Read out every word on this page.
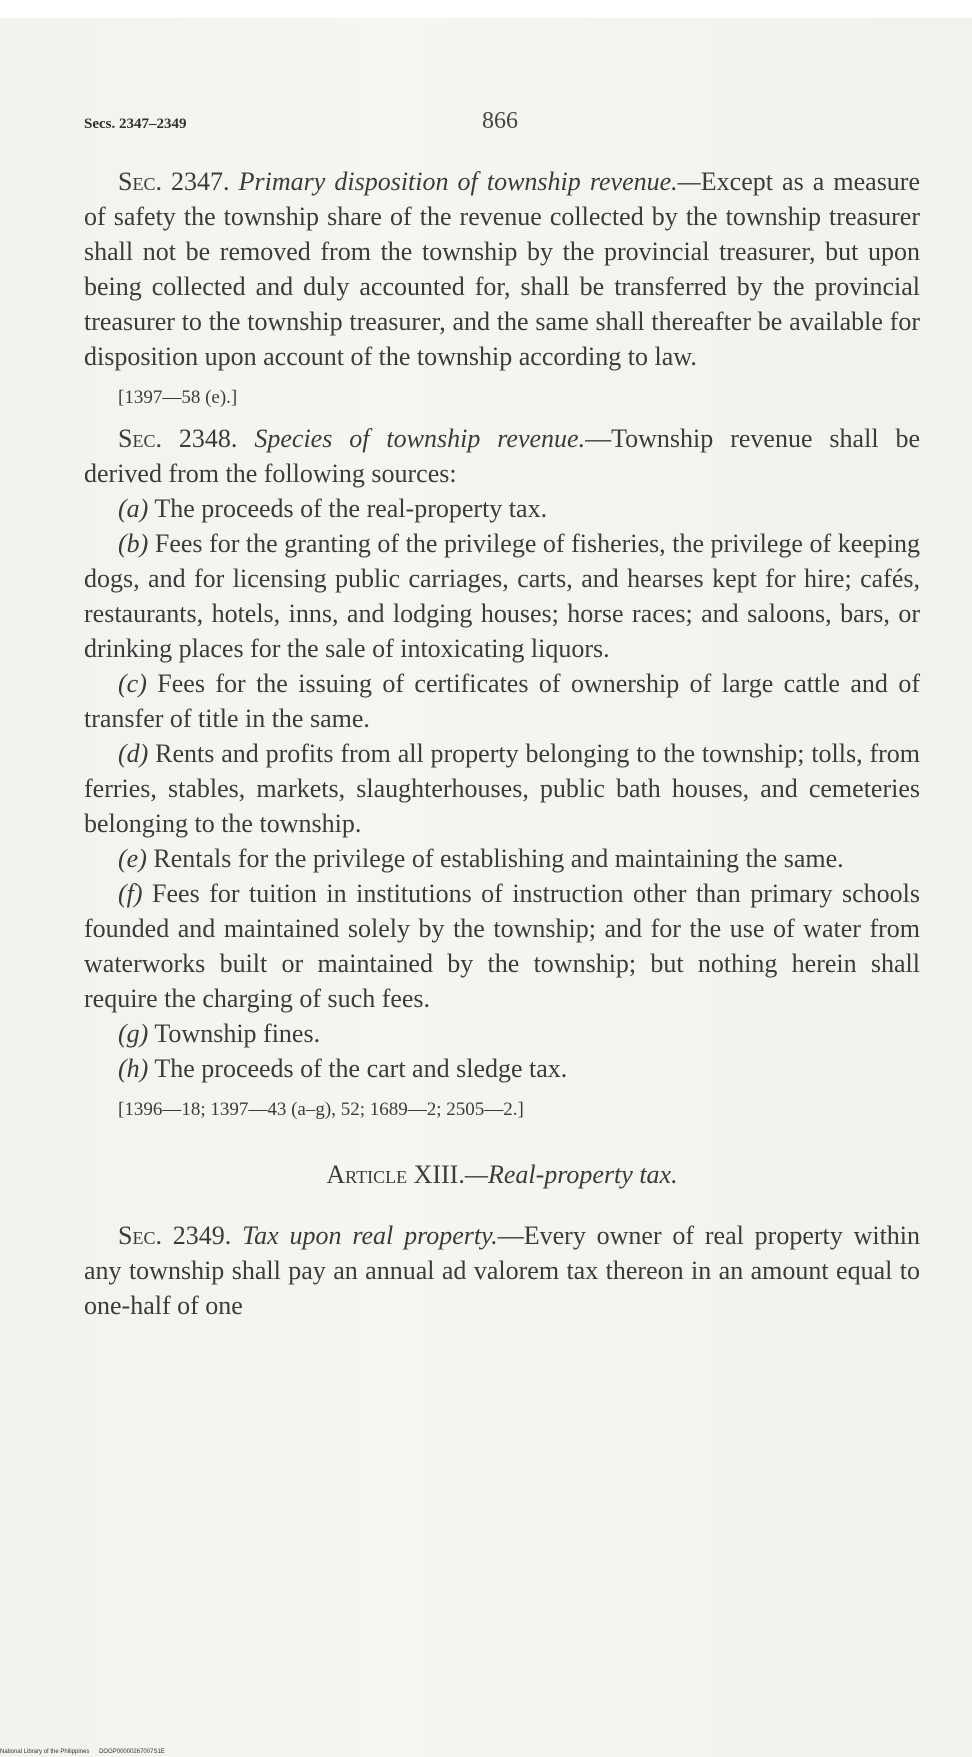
Secs. 2347–2349	866

Sec. 2347. Primary disposition of township revenue.—Except as a measure of safety the township share of the revenue collected by the township treasurer shall not be removed from the township by the provincial treasurer, but upon being collected and duly accounted for, shall be transferred by the provincial treasurer to the township treasurer, and the same shall thereafter be available for disposition upon account of the township according to law.

[1397—58 (e).]

Sec. 2348. Species of township revenue.—Township revenue shall be derived from the following sources:

(a) The proceeds of the real-property tax.

(b) Fees for the granting of the privilege of fisheries, the privilege of keeping dogs, and for licensing public carriages, carts, and hearses kept for hire; cafés, restaurants, hotels, inns, and lodging houses; horse races; and saloons, bars, or drinking places for the sale of intoxicating liquors.

(c) Fees for the issuing of certificates of ownership of large cattle and of transfer of title in the same.

(d) Rents and profits from all property belonging to the township; tolls, from ferries, stables, markets, slaughterhouses, public bath houses, and cemeteries belonging to the township.

(e) Rentals for the privilege of establishing and maintaining the same.

(f) Fees for tuition in institutions of instruction other than primary schools founded and maintained solely by the township; and for the use of water from waterworks built or maintained by the township; but nothing herein shall require the charging of such fees.

(g) Township fines.

(h) The proceeds of the cart and sledge tax.

[1396—18; 1397—43 (a–g), 52; 1689—2; 2505—2.]

Article XIII.—Real-property tax.

Sec. 2349. Tax upon real property.—Every owner of real property within any township shall pay an annual ad valorem tax thereon in an amount equal to one-half of one

National Library of the Philippines DOGP00000267007S1E
